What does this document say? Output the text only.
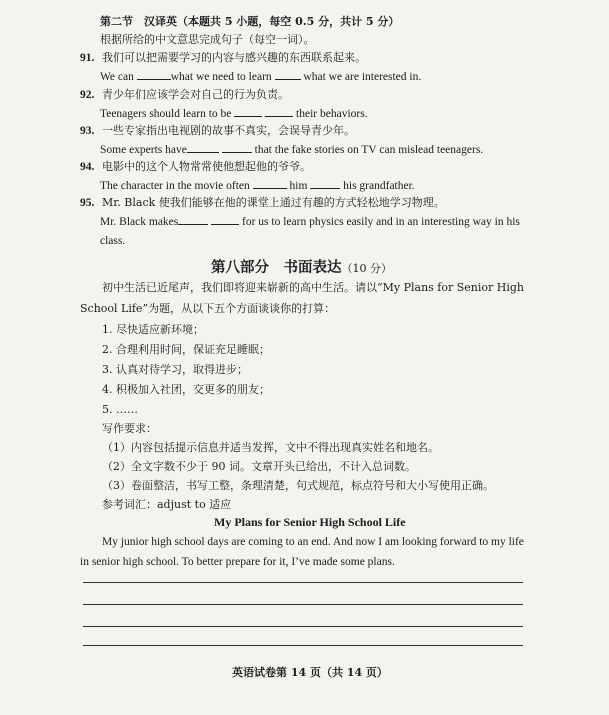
第二节　汉译英（本题共 5 小题，每空 0.5 分，共计 5 分）
根据所给的中文意思完成句子（每空一词）。
91. 我们可以把需要学习的内容与感兴趣的东西联系起来。
We can	what we need to learn	what we are interested in.
92. 青少年们应该学会对自己的行为负责。
Teenagers should learn to be	their behaviors.
93. 一些专家指出电视剧的故事不真实，会误导青少年。
Some experts have	that the fake stories on TV can mislead teenagers.
94. 电影中的这个人物常常使他想起他的爷爷。
The character in the movie often	him	his grandfather.
95. Mr. Black 使我们能够在他的课堂上通过有趣的方式轻松地学习物理。
Mr. Black makes	for us to learn physics easily and in an interesting way in his
class.
第八部分　书面表达（10 分）
初中生活已近尾声，我们即将迎来崭新的高中生活。请以“My Plans for Senior High
School Life”为题，从以下五个方面谈谈你的打算：
1. 尽快适应新环境；
2. 合理利用时间，保证充足睡眠；
3. 认真对待学习，取得进步；
4. 积极加入社团，交更多的朋友；
5. ……
写作要求：
（1）内容包括提示信息并适当发挥，文中不得出现真实姓名和地名。
（2）全文字数不少于 90 词。文章开头已给出，不计入总词数。
（3）卷面整洁，书写工整，条理清楚，句式规范，标点符号和大小写使用正确。
参考词汇：adjust to 适应
My Plans for Senior High School Life
My junior high school days are coming to an end. And now I am looking forward to my life
in senior high school. To better prepare for it, I’ve made some plans.
英语试卷第 14 页（共 14 页）
